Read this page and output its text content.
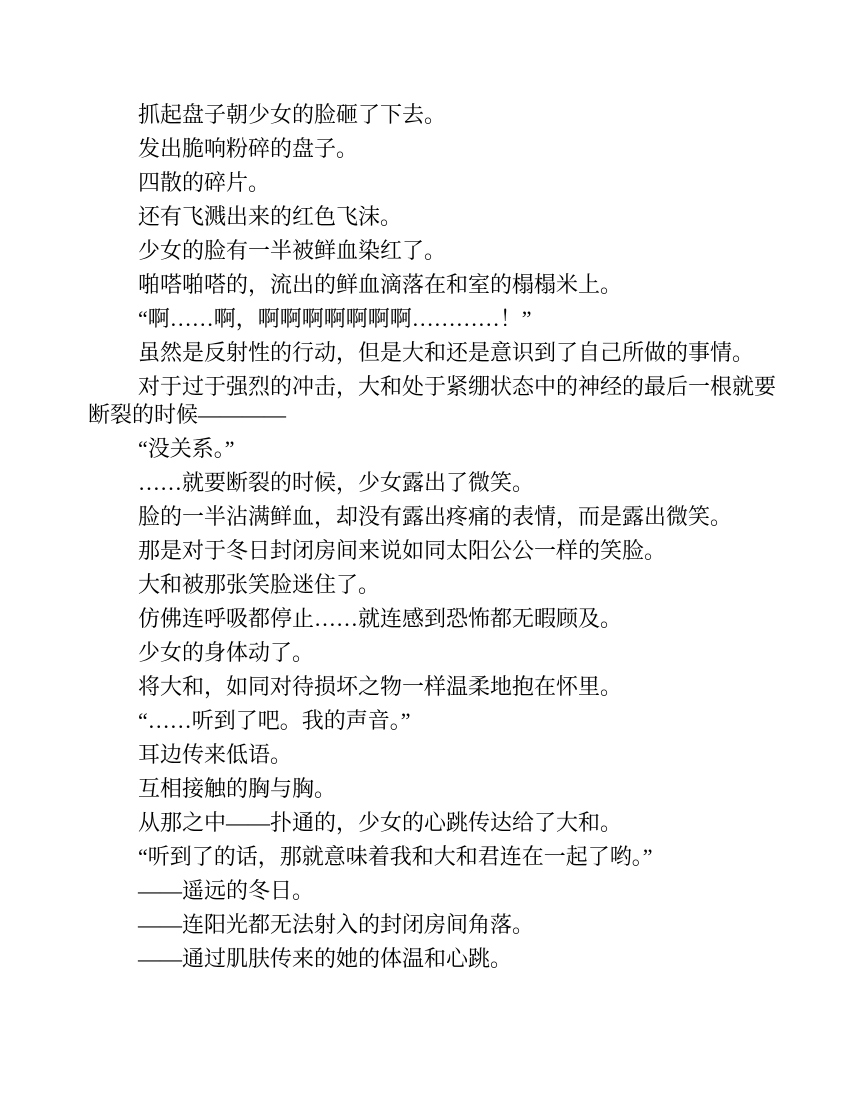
抓起盘子朝少女的脸砸了下去。

发出脆响粉碎的盘子。

四散的碎片。

还有飞溅出来的红色飞沫。

少女的脸有一半被鲜血染红了。

啪嗒啪嗒的，流出的鲜血滴落在和室的榻榻米上。

“啊……啊，啊啊啊啊啊啊啊…………！”

虽然是反射性的行动，但是大和还是意识到了自己所做的事情。

对于过于强烈的冲击，大和处于紧绷状态中的神经的最后一根就要

断裂的时候————

“没关系。”

……就要断裂的时候，少女露出了微笑。

脸的一半沾满鲜血，却没有露出疼痛的表情，而是露出微笑。

那是对于冬日封闭房间来说如同太阳公公一样的笑脸。

大和被那张笑脸迷住了。

仿佛连呼吸都停止……就连感到恐怖都无暇顾及。

少女的身体动了。

将大和，如同对待损坏之物一样温柔地抱在怀里。

“……听到了吧。我的声音。”

耳边传来低语。

互相接触的胸与胸。

从那之中——扑通的，少女的心跳传达给了大和。

“听到了的话，那就意味着我和大和君连在一起了哟。”

——遥远的冬日。

——连阳光都无法射入的封闭房间角落。

——通过肌肤传来的她的体温和心跳。
